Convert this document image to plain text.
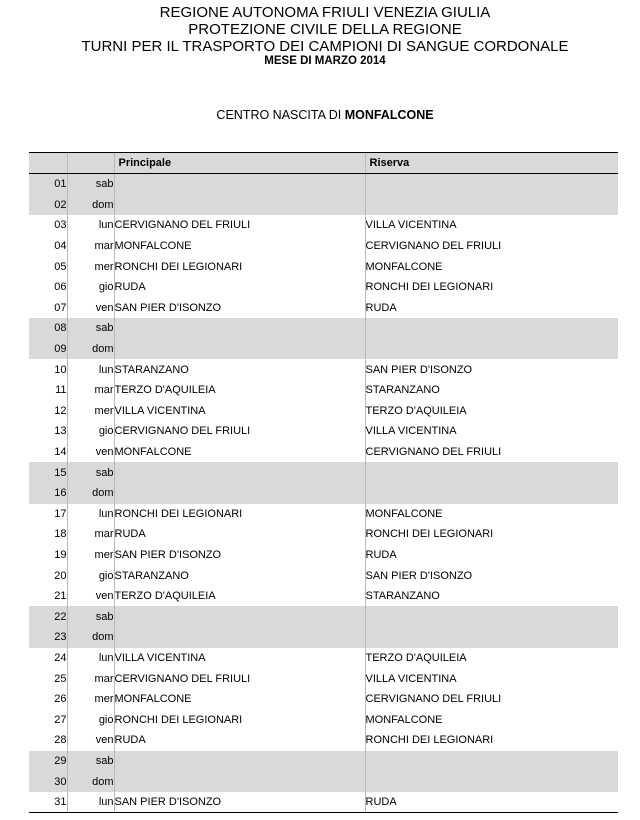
REGIONE AUTONOMA FRIULI VENEZIA GIULIA
PROTEZIONE CIVILE DELLA REGIONE
TURNI PER IL TRASPORTO DEI CAMPIONI DI SANGUE CORDONALE
MESE DI MARZO 2014
CENTRO NASCITA DI MONFALCONE
		Principale	Riserva
01	sab		
02	dom		
03	lun	CERVIGNANO DEL FRIULI	VILLA VICENTINA
04	mar	MONFALCONE	CERVIGNANO DEL FRIULI
05	mer	RONCHI DEI LEGIONARI	MONFALCONE
06	gio	RUDA	RONCHI DEI LEGIONARI
07	ven	SAN PIER D'ISONZO	RUDA
08	sab		
09	dom		
10	lun	STARANZANO	SAN PIER D'ISONZO
11	mar	TERZO D'AQUILEIA	STARANZANO
12	mer	VILLA VICENTINA	TERZO D'AQUILEIA
13	gio	CERVIGNANO DEL FRIULI	VILLA VICENTINA
14	ven	MONFALCONE	CERVIGNANO DEL FRIULI
15	sab		
16	dom		
17	lun	RONCHI DEI LEGIONARI	MONFALCONE
18	mar	RUDA	RONCHI DEI LEGIONARI
19	mer	SAN PIER D'ISONZO	RUDA
20	gio	STARANZANO	SAN PIER D'ISONZO
21	ven	TERZO D'AQUILEIA	STARANZANO
22	sab		
23	dom		
24	lun	VILLA VICENTINA	TERZO D'AQUILEIA
25	mar	CERVIGNANO DEL FRIULI	VILLA VICENTINA
26	mer	MONFALCONE	CERVIGNANO DEL FRIULI
27	gio	RONCHI DEI LEGIONARI	MONFALCONE
28	ven	RUDA	RONCHI DEI LEGIONARI
29	sab		
30	dom		
31	lun	SAN PIER D'ISONZO	RUDA
